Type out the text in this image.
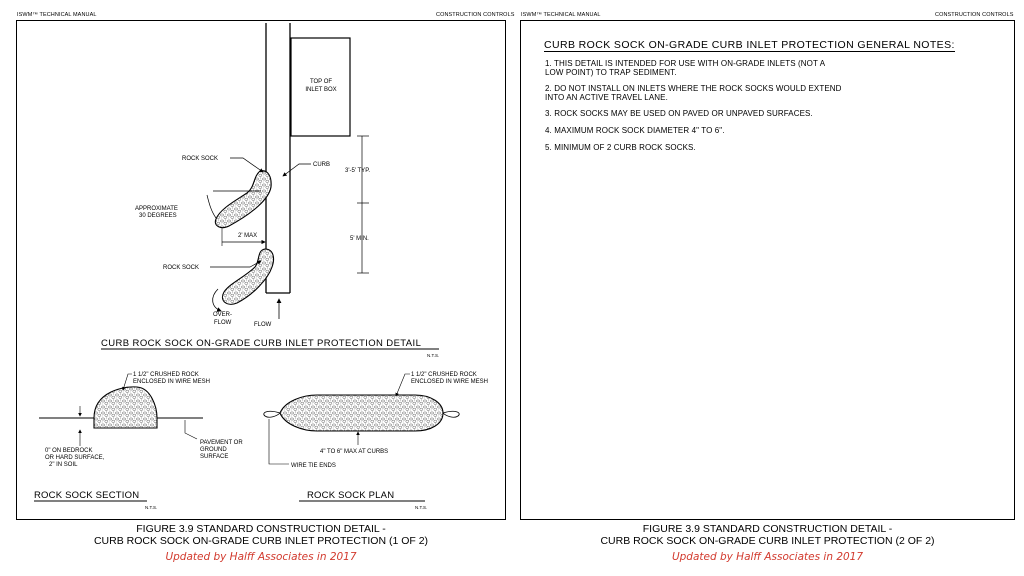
ISWM™ TECHNICAL MANUAL	CONSTRUCTION CONTROLS
TOP OF
INLET BOX
ROCK SOCK
CURB
3'-5' TYP.
5' MIN.
APPROXIMATE
30 DEGREES
2' MAX
ROCK SOCK
OVER-
FLOW	FLOW
CURB ROCK SOCK ON-GRADE CURB INLET PROTECTION DETAIL
N.T.S.
1 1/2" CRUSHED ROCK
ENCLOSED IN WIRE MESH
0" ON BEDROCK
OR HARD SURFACE,
2" IN SOIL
PAVEMENT OR
GROUND
SURFACE
1 1/2" CRUSHED ROCK
ENCLOSED IN WIRE MESH
4" TO 6" MAX AT CURBS
WIRE TIE ENDS
ROCK SOCK SECTION
N.T.S.
ROCK SOCK PLAN
N.T.S.
FIGURE 3.9 STANDARD CONSTRUCTION DETAIL -
CURB ROCK SOCK ON-GRADE CURB INLET PROTECTION (1 OF 2)
Updated by Halff Associates in 2017
ISWM™ TECHNICAL MANUAL	CONSTRUCTION CONTROLS
CURB ROCK SOCK ON-GRADE CURB INLET PROTECTION GENERAL NOTES:
1. THIS DETAIL IS INTENDED FOR USE WITH ON-GRADE INLETS (NOT A
LOW POINT) TO TRAP SEDIMENT.
2. DO NOT INSTALL ON INLETS WHERE THE ROCK SOCKS WOULD EXTEND
INTO AN ACTIVE TRAVEL LANE.
3. ROCK SOCKS MAY BE USED ON PAVED OR UNPAVED SURFACES.
4. MAXIMUM ROCK SOCK DIAMETER 4" TO 6".
5. MINIMUM OF 2 CURB ROCK SOCKS.
FIGURE 3.9 STANDARD CONSTRUCTION DETAIL -
CURB ROCK SOCK ON-GRADE CURB INLET PROTECTION (2 OF 2)
Updated by Halff Associates in 2017
